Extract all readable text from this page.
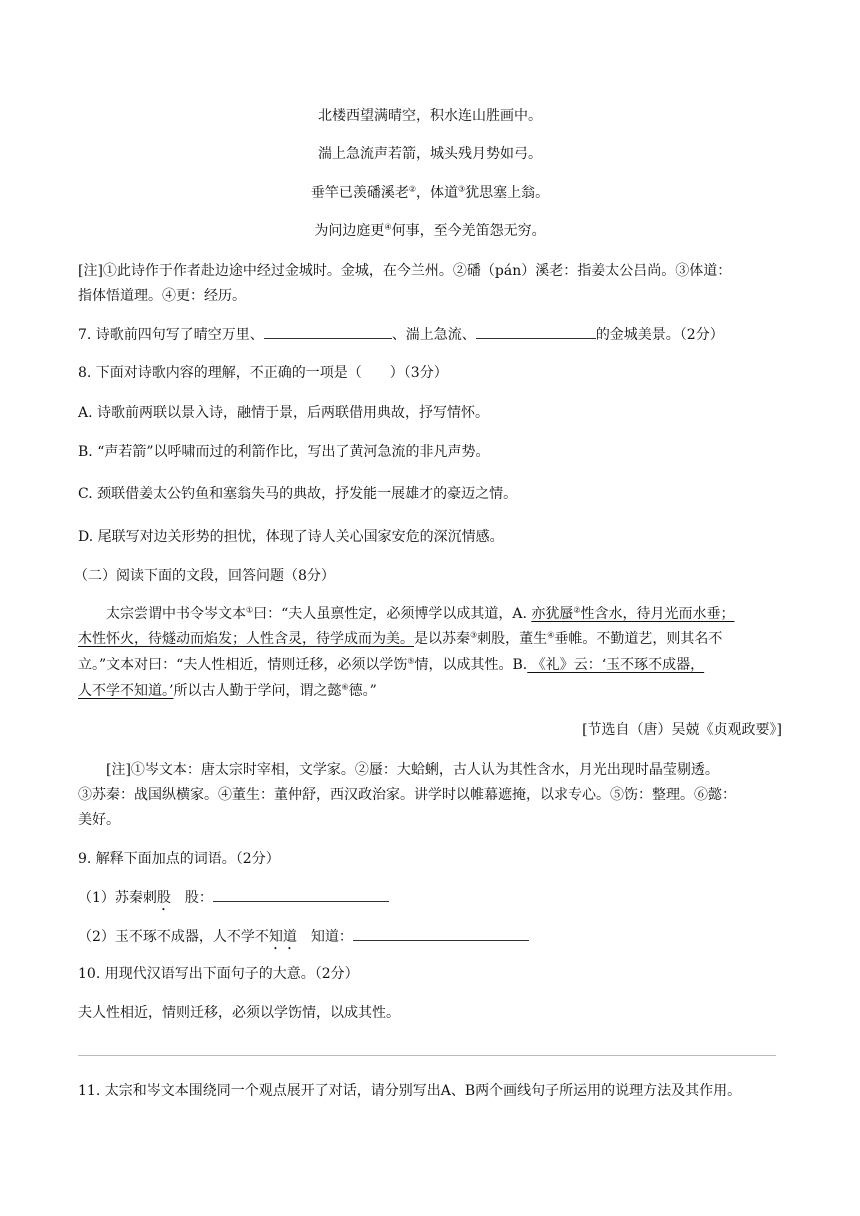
北楼西望满晴空，积水连山胜画中。
湍上急流声若箭，城头残月势如弓。
垂竿已羡磻溪老②，体道③犹思塞上翁。
为问边庭更④何事，至今羌笛怨无穷。
[注]①此诗作于作者赴边途中经过金城时。金城，在今兰州。②磻（pán）溪老：指姜太公吕尚。③体道：
指体悟道理。④更：经历。
7. 诗歌前四句写了晴空万里、	、湍上急流、	的金城美景。（2分）
8. 下面对诗歌内容的理解，不正确的一项是（　　）（3分）
A. 诗歌前两联以景入诗，融情于景，后两联借用典故，抒写情怀。
B. “声若箭”以呼啸而过的利箭作比，写出了黄河急流的非凡声势。
C. 颈联借姜太公钓鱼和塞翁失马的典故，抒发能一展雄才的豪迈之情。
D. 尾联写对边关形势的担忧，体现了诗人关心国家安危的深沉情感。
（二）阅读下面的文段，回答问题（8分）
太宗尝谓中书令岑文本①曰：“夫人虽禀性定，必须博学以成其道，A. 亦犹蜃②性含水，待月光而水垂；
木性怀火，待燧动而焰发；人性含灵，待学成而为美。是以苏秦③刺股，董生④垂帷。不勤道艺，则其名不
立。”文本对曰：“夫人性相近，情则迁移，必须以学饬⑤情，以成其性。B. 《礼》云：‘玉不琢不成器，
人不学不知道。’所以古人勤于学问，谓之懿⑥德。”
[节选自（唐）吴兢《贞观政要》]
[注]①岑文本：唐太宗时宰相，文学家。②蜃：大蛤蜊，古人认为其性含水，月光出现时晶莹剔透。
③苏秦：战国纵横家。④董生：董仲舒，西汉政治家。讲学时以帷幕遮掩，以求专心。⑤饬：整理。⑥懿：
美好。
9. 解释下面加点的词语。（2分）
（1）苏秦刺股　股：
（2）玉不琢不成器，人不学不知道　知道：
10. 用现代汉语写出下面句子的大意。（2分）
夫人性相近，情则迁移，必须以学饬情，以成其性。
11. 太宗和岑文本围绕同一个观点展开了对话，请分别写出A、B两个画线句子所运用的说理方法及其作用。
